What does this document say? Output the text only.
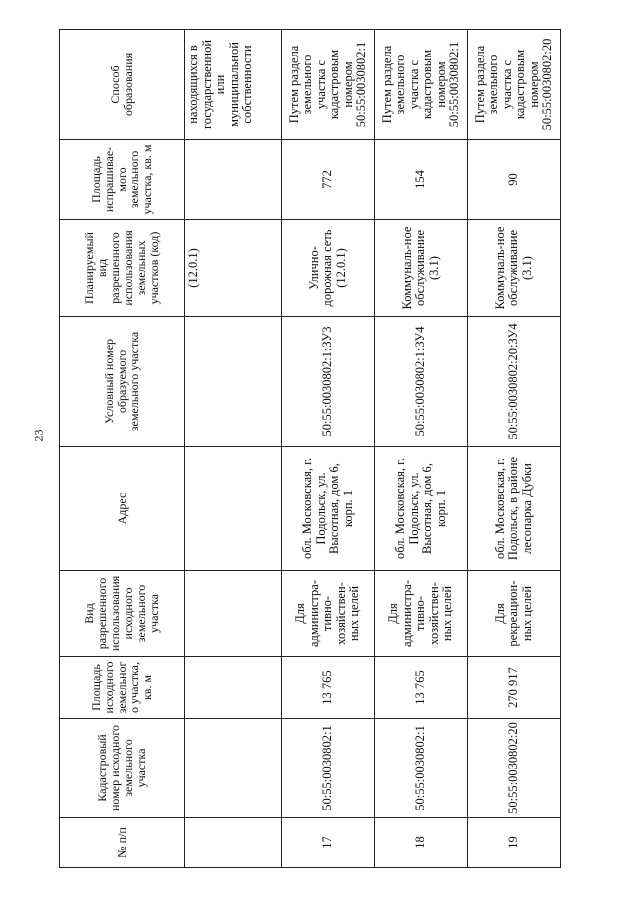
23
№ п/п	Кадастровый номер исходного земельного участка	Площадь исходного земельного участка, кв. м	Вид разрешенного использования исходного земельного участка	Адрес	Условный номер образуемого земельного участка	Планируемый вид разрешенного использования земельных участков (код)	Площадь испрашивае-мого земельного участка, кв. м	Способ образования
						(12.0.1)		находящихся в государственной или муниципальной собственности
17	50:55:0030802:1	13 765	Для администра-тивно-хозяйствен-ных целей	обл. Московская, г. Подольск, ул. Высотная, дом 6, корп. 1	50:55:0030802:1:ЗУ3	Улично-дорожная сеть (12.0.1)	772	Путем раздела земельного участка с кадастровым номером 50:55:0030802:1
18	50:55:0030802:1	13 765	Для администра-тивно-хозяйствен-ных целей	обл. Московская, г. Подольск, ул. Высотная, дом 6, корп. 1	50:55:0030802:1:ЗУ4	Коммуналь-ное обслуживание (3.1)	154	Путем раздела земельного участка с кадастровым номером 50:55:0030802:1
19	50:55:0030802:20	270 917	Для рекреацион-ных целей	обл. Московская, г. Подольск, в районе лесопарка Дубки	50:55:0030802:20:ЗУ4	Коммуналь-ное обслуживание (3.1)	90	Путем раздела земельного участка с кадастровым номером 50:55:0030802:20
